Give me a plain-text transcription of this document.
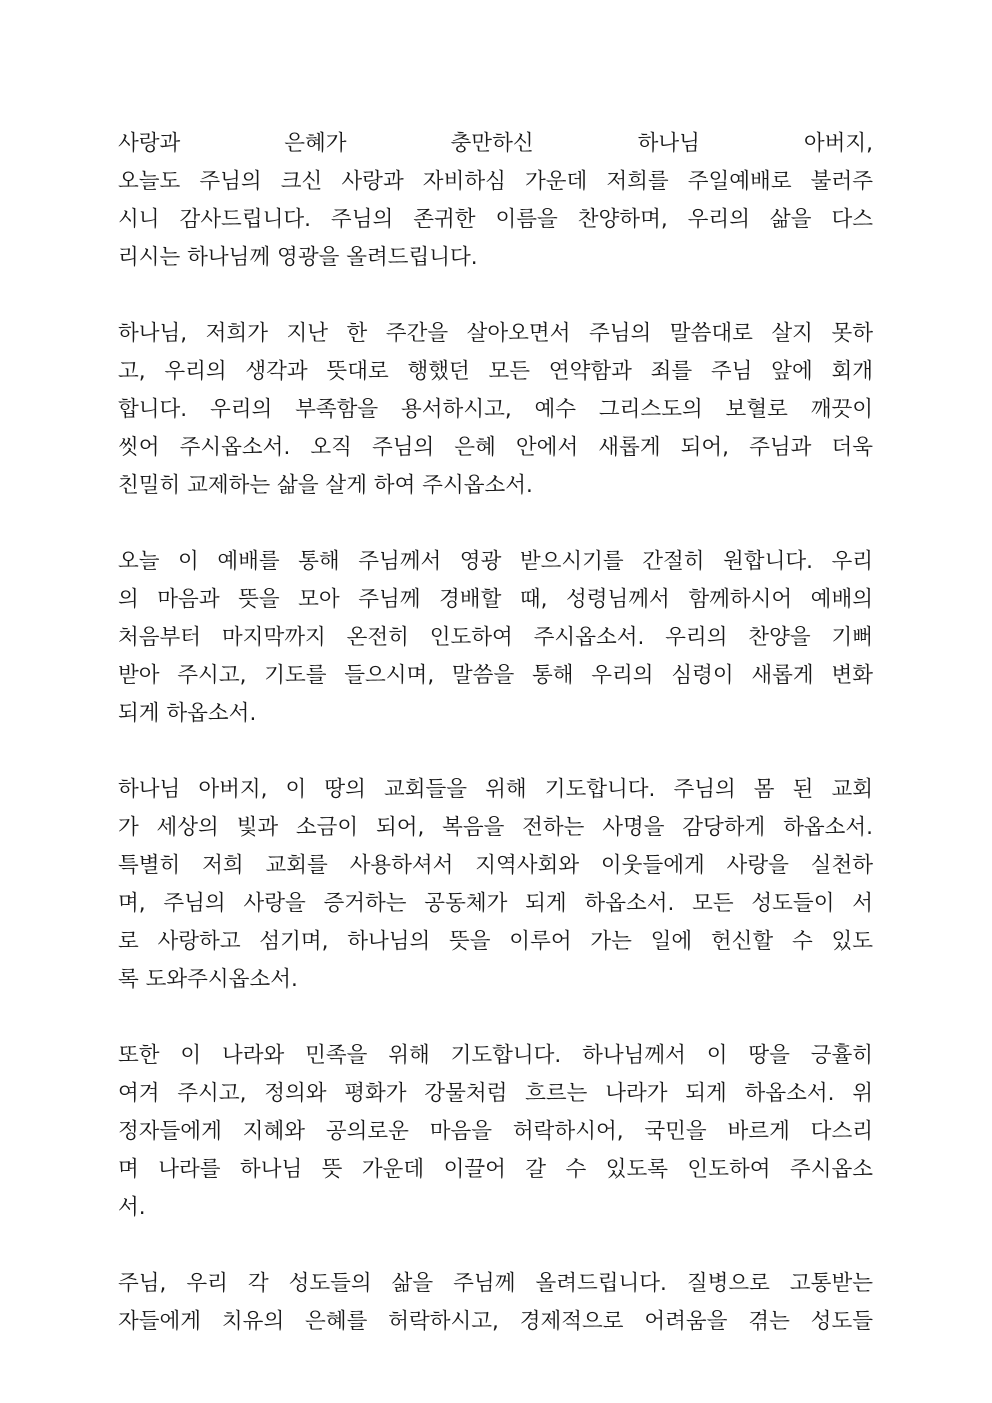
사랑과 은혜가 충만하신 하나님 아버지,
오늘도 주님의 크신 사랑과 자비하심 가운데 저희를 주일예배로 불러주
시니 감사드립니다. 주님의 존귀한 이름을 찬양하며, 우리의 삶을 다스
리시는 하나님께 영광을 올려드립니다.
하나님, 저희가 지난 한 주간을 살아오면서 주님의 말씀대로 살지 못하
고, 우리의 생각과 뜻대로 행했던 모든 연약함과 죄를 주님 앞에 회개
합니다. 우리의 부족함을 용서하시고, 예수 그리스도의 보혈로 깨끗이
씻어 주시옵소서. 오직 주님의 은혜 안에서 새롭게 되어, 주님과 더욱
친밀히 교제하는 삶을 살게 하여 주시옵소서.
오늘 이 예배를 통해 주님께서 영광 받으시기를 간절히 원합니다. 우리
의 마음과 뜻을 모아 주님께 경배할 때, 성령님께서 함께하시어 예배의
처음부터 마지막까지 온전히 인도하여 주시옵소서. 우리의 찬양을 기뻐
받아 주시고, 기도를 들으시며, 말씀을 통해 우리의 심령이 새롭게 변화
되게 하옵소서.
하나님 아버지, 이 땅의 교회들을 위해 기도합니다. 주님의 몸 된 교회
가 세상의 빛과 소금이 되어, 복음을 전하는 사명을 감당하게 하옵소서.
특별히 저희 교회를 사용하셔서 지역사회와 이웃들에게 사랑을 실천하
며, 주님의 사랑을 증거하는 공동체가 되게 하옵소서. 모든 성도들이 서
로 사랑하고 섬기며, 하나님의 뜻을 이루어 가는 일에 헌신할 수 있도
록 도와주시옵소서.
또한 이 나라와 민족을 위해 기도합니다. 하나님께서 이 땅을 긍휼히
여겨 주시고, 정의와 평화가 강물처럼 흐르는 나라가 되게 하옵소서. 위
정자들에게 지혜와 공의로운 마음을 허락하시어, 국민을 바르게 다스리
며 나라를 하나님 뜻 가운데 이끌어 갈 수 있도록 인도하여 주시옵소
서.
주님, 우리 각 성도들의 삶을 주님께 올려드립니다. 질병으로 고통받는
자들에게 치유의 은혜를 허락하시고, 경제적으로 어려움을 겪는 성도들
